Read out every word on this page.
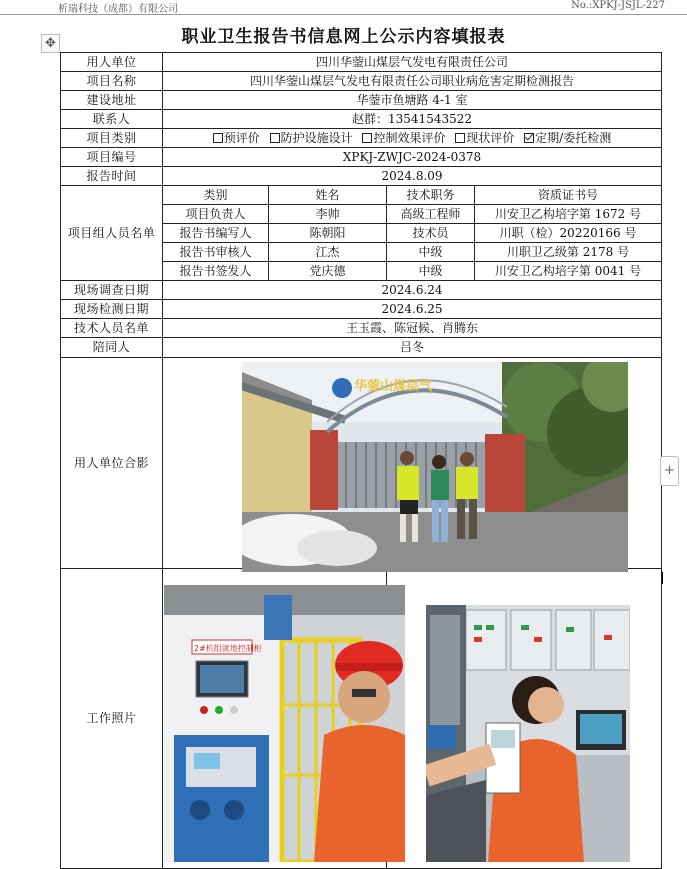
析瑞科技（成都）有限公司	No.:XPKJ-JSJL-227
✥	职业卫生报告书信息网上公示内容填报表
用人单位	四川华蓥山煤层气发电有限责任公司			
项目名称	四川华蓥山煤层气发电有限责任公司职业病危害定期检测报告			
建设地址	华蓥市鱼塘路 4-1 室			
联系人	赵群：13541543522			
项目类别	预评价 防护设施设计 控制效果评价 现状评价 定期/委托检测			
项目编号	XPKJ-ZWJC-2024-0378			
报告时间	2024.8.09			
项目组人员名单	类别	姓名	技术职务	资质证书号
	项目负责人	李帅	高级工程师	川安卫乙构培字第 1672 号
	报告书编写人	陈朝阳	技术员	川职（检）20220166 号
	报告书审核人	江杰	中级	川职卫乙级第 2178 号
	报告书签发人	党庆德	中级	川安卫乙构培字第 0041 号
现场调查日期	2024.6.24			
现场检测日期	2024.6.25			
技术人员名单	王玉霞、陈冠候、肖腾东			
陪同人	吕冬			
用人单位合影				
工作照片				
华蓥山煤层气
2#机组就地控制柜
+
